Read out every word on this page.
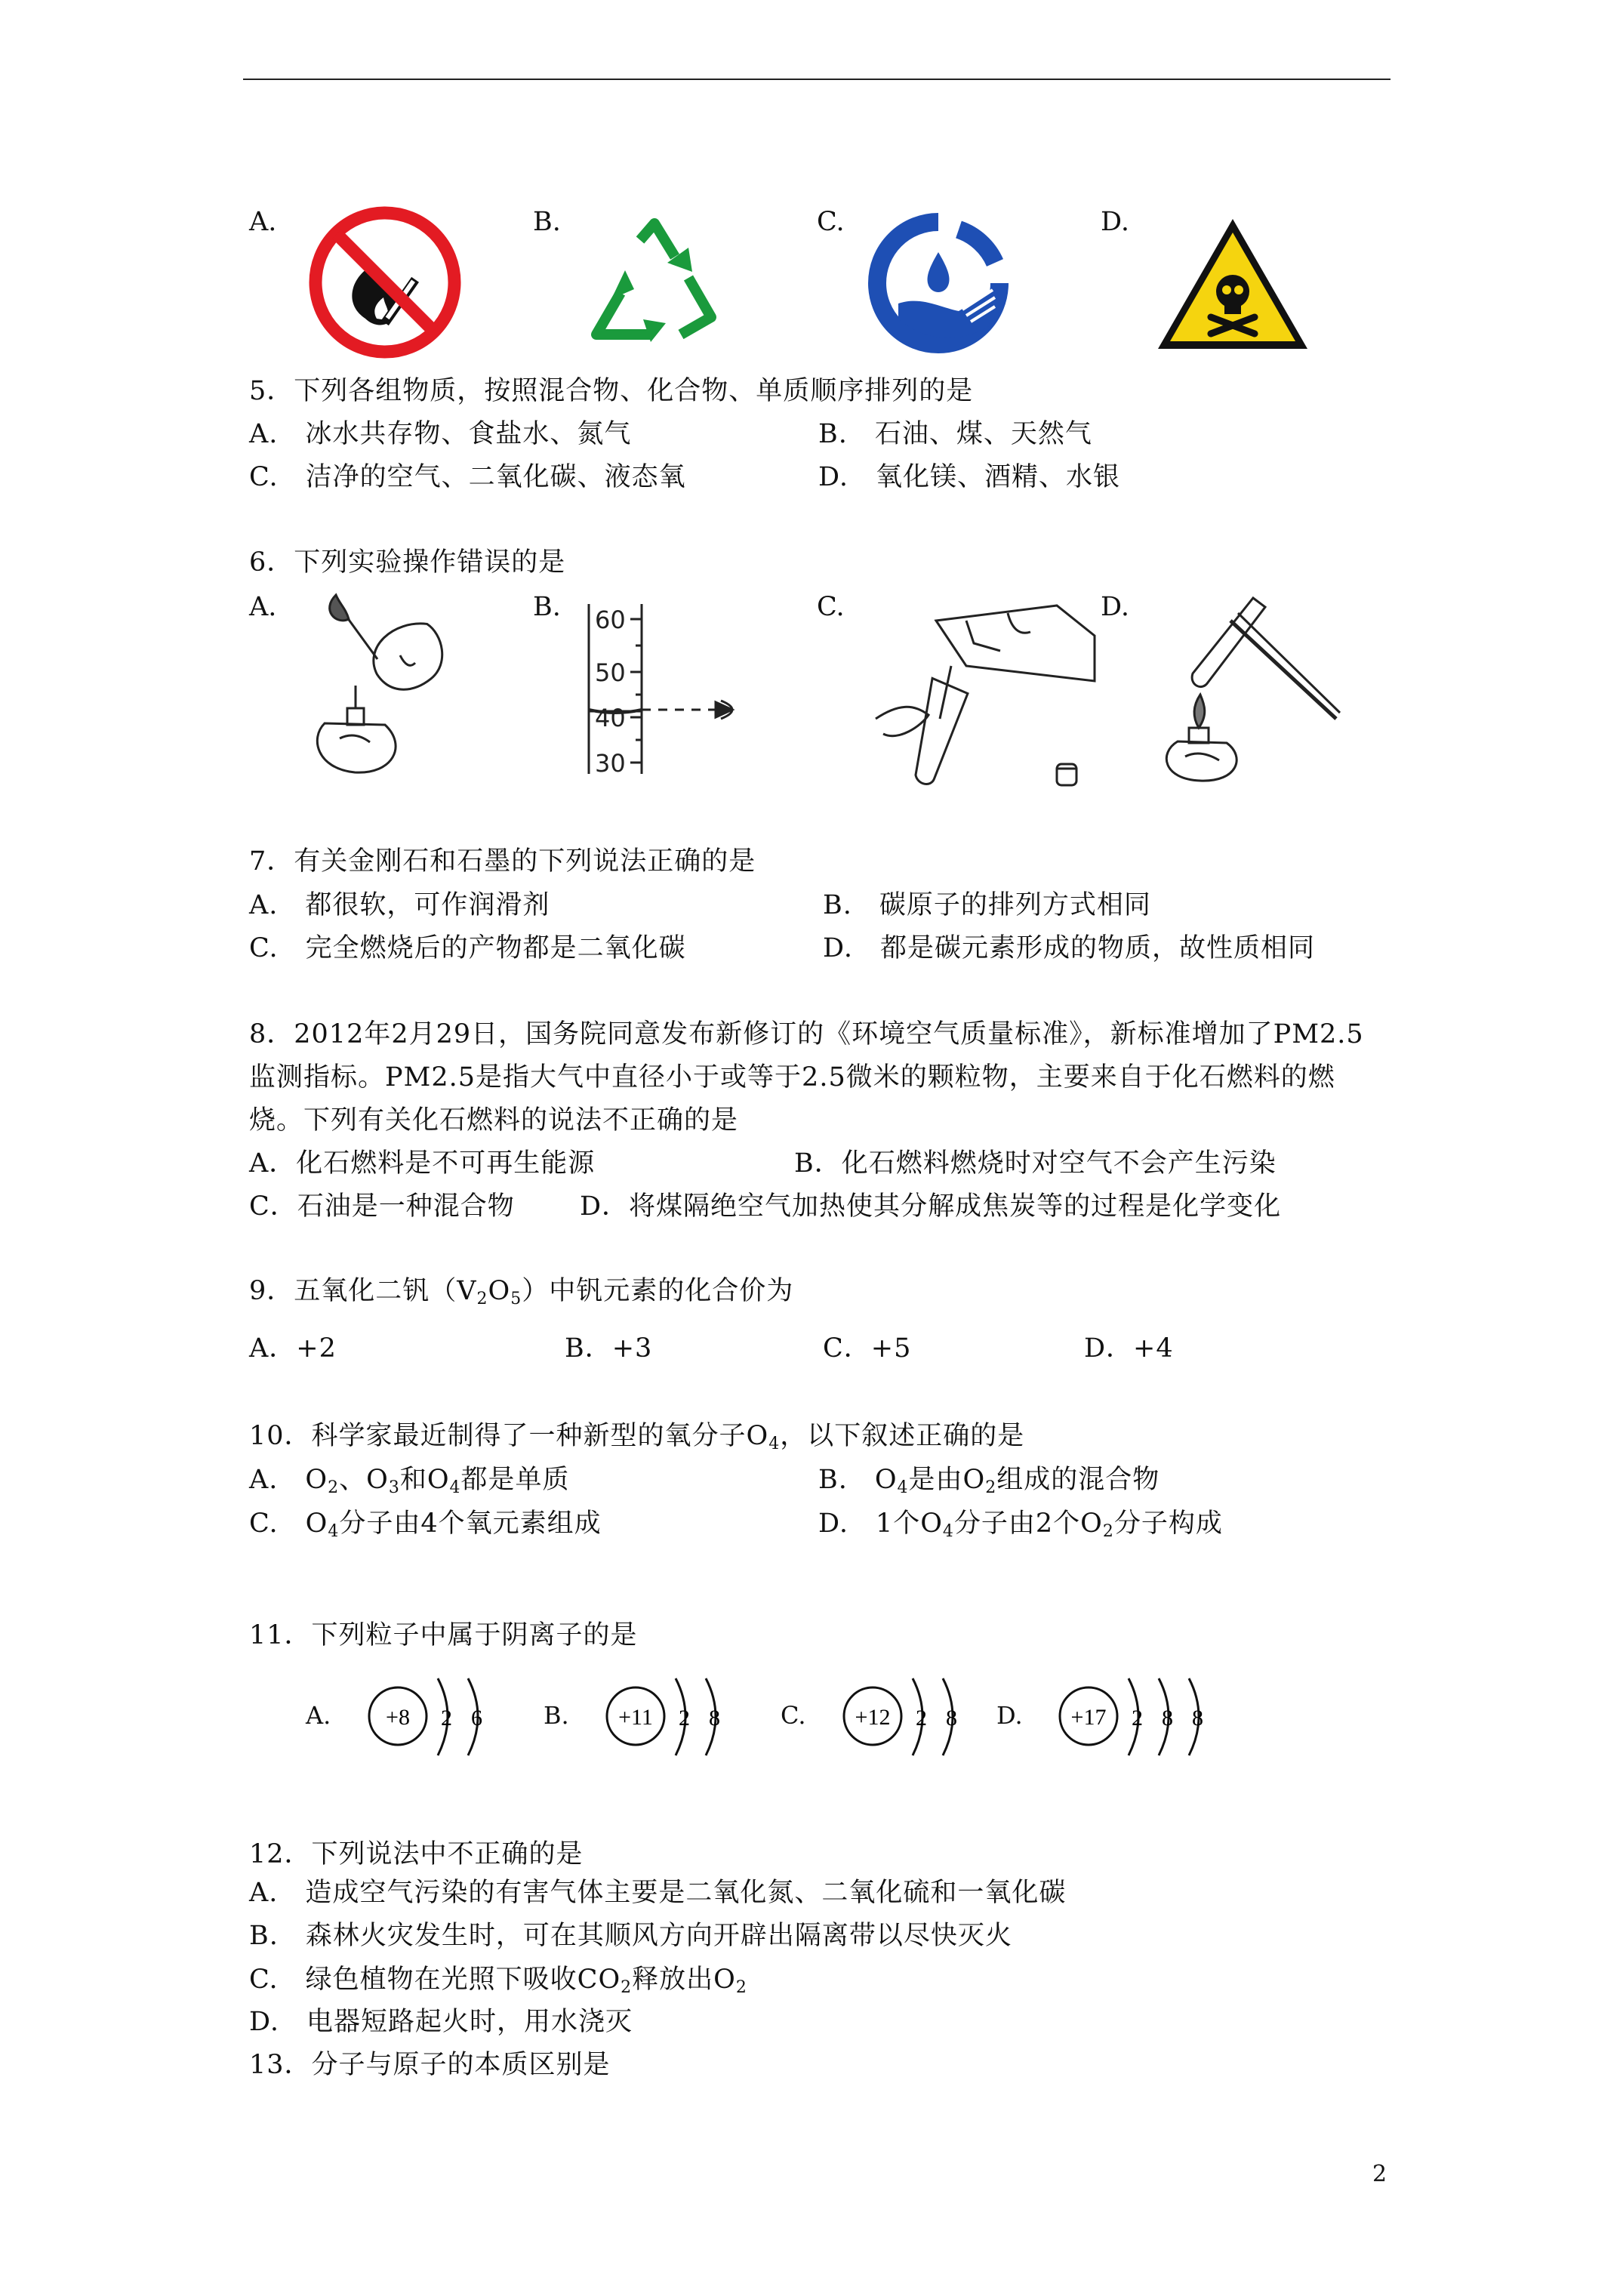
A.	B.	C.	D.
5．下列各组物质，按照混合物、化合物、单质顺序排列的是
A.　冰水共存物、食盐水、氮气	B.　石油、煤、天然气
C.　洁净的空气、二氧化碳、液态氧	D.　氧化镁、酒精、水银
6．下列实验操作错误的是
A.	B.	C.	D.
60
50
40
30
7．有关金刚石和石墨的下列说法正确的是
A.　都很软，可作润滑剂	B.　碳原子的排列方式相同
C.　完全燃烧后的产物都是二氧化碳	D.　都是碳元素形成的物质，故性质相同
8．2012年2月29日，国务院同意发布新修订的《环境空气质量标准》，新标准增加了PM2.5
监测指标。PM2.5是指大气中直径小于或等于2.5微米的颗粒物，主要来自于化石燃料的燃
烧。下列有关化石燃料的说法不正确的是
A．化石燃料是不可再生能源	B．化石燃料燃烧时对空气不会产生污染
C．石油是一种混合物 D．将煤隔绝空气加热使其分解成焦炭等的过程是化学变化
9．五氧化二钒$(V_2O_5)$中钒元素的化合价为
A．+2	B．+3	C．+5	D．+4
10．科学家最近制得了一种新型的氧分子$O_4$，以下叙述正确的是
A.　$O_2$、$O_3$和$O_4$都是单质	B.　$O_4$是由$O_2$组成的混合物
C.　$O_4$分子由4个氧元素组成	D.　1个$O_4$分子由2个$O_2$分子构成
11．下列粒子中属于阴离子的是
A. +8 2 6	B. +11 2 8	C. +12 2 8 D. +17 2 8 8
12．下列说法中不正确的是
A.　造成空气污染的有害气体主要是二氧化氮、二氧化硫和一氧化碳
B.　森林火灾发生时，可在其顺风方向开辟出隔离带以尽快灭火
C.　绿色植物在光照下吸收$CO_2$释放出$O_2$
D.　电器短路起火时，用水浇灭
13．分子与原子的本质区别是
2
